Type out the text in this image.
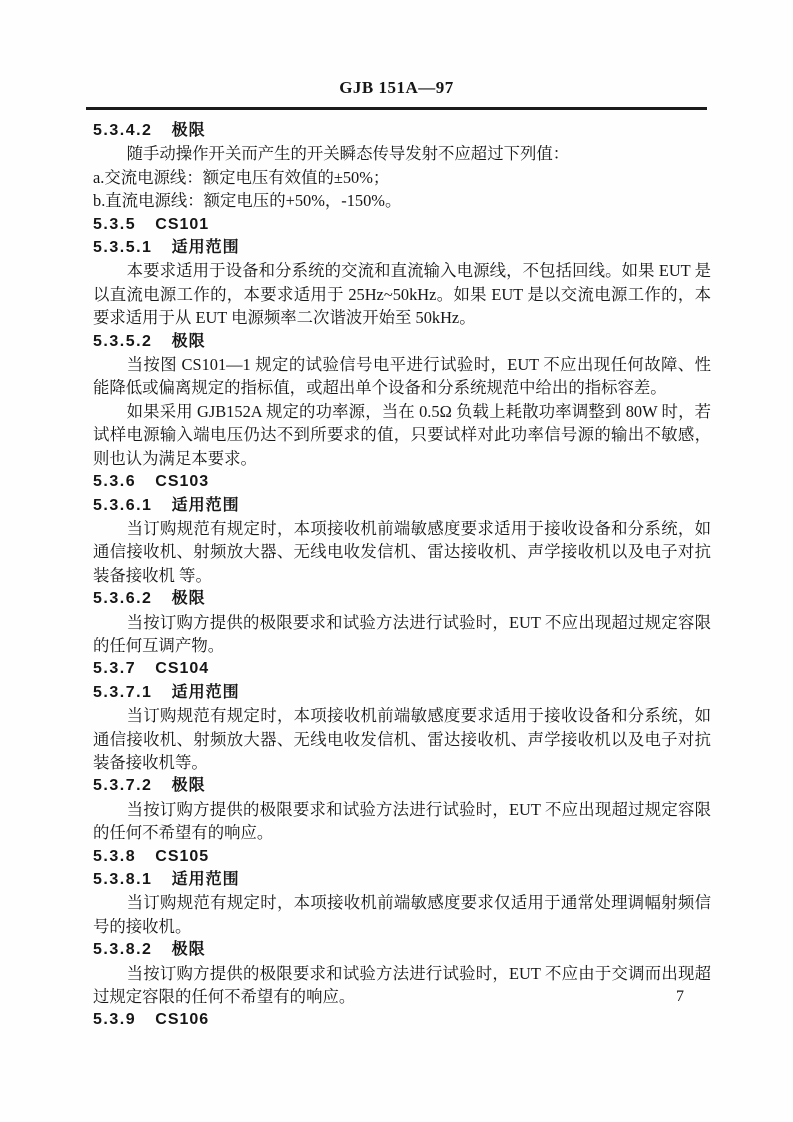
GJB 151A—97
5.3.4.2 极限

随手动操作开关而产生的开关瞬态传导发射不应超过下列值：

a.交流电源线：额定电压有效值的±50%；

b.直流电源线：额定电压的+50%，-150%。

5.3.5 CS101
5.3.5.1 适用范围

本要求适用于设备和分系统的交流和直流输入电源线，不包括回线。如果 EUT 是以直流电源工作的，本要求适用于 25Hz~50kHz。如果 EUT 是以交流电源工作的，本要求适用于从 EUT 电源频率二次谐波开始至 50kHz。

5.3.5.2 极限

当按图 CS101—1 规定的试验信号电平进行试验时，EUT 不应出现任何故障、性能降低或偏离规定的指标值，或超出单个设备和分系统规范中给出的指标容差。

如果采用 GJB152A 规定的功率源，当在 0.5Ω 负载上耗散功率调整到 80W 时，若试样电源输入端电压仍达不到所要求的值，只要试样对此功率信号源的输出不敏感，则也认为满足本要求。

5.3.6 CS103
5.3.6.1 适用范围

当订购规范有规定时，本项接收机前端敏感度要求适用于接收设备和分系统，如通信接收机、射频放大器、无线电收发信机、雷达接收机、声学接收机以及电子对抗装备接收机 等。

5.3.6.2 极限

当按订购方提供的极限要求和试验方法进行试验时，EUT 不应出现超过规定容限的任何互调产物。

5.3.7 CS104
5.3.7.1 适用范围

当订购规范有规定时，本项接收机前端敏感度要求适用于接收设备和分系统，如通信接收机、射频放大器、无线电收发信机、雷达接收机、声学接收机以及电子对抗装备接收机等。

5.3.7.2 极限

当按订购方提供的极限要求和试验方法进行试验时，EUT 不应出现超过规定容限的任何不希望有的响应。

5.3.8 CS105
5.3.8.1 适用范围

当订购规范有规定时，本项接收机前端敏感度要求仅适用于通常处理调幅射频信号的接收机。

5.3.8.2 极限

当按订购方提供的极限要求和试验方法进行试验时，EUT 不应由于交调而出现超过规定容限的任何不希望有的响应。

5.3.9 CS106
7
